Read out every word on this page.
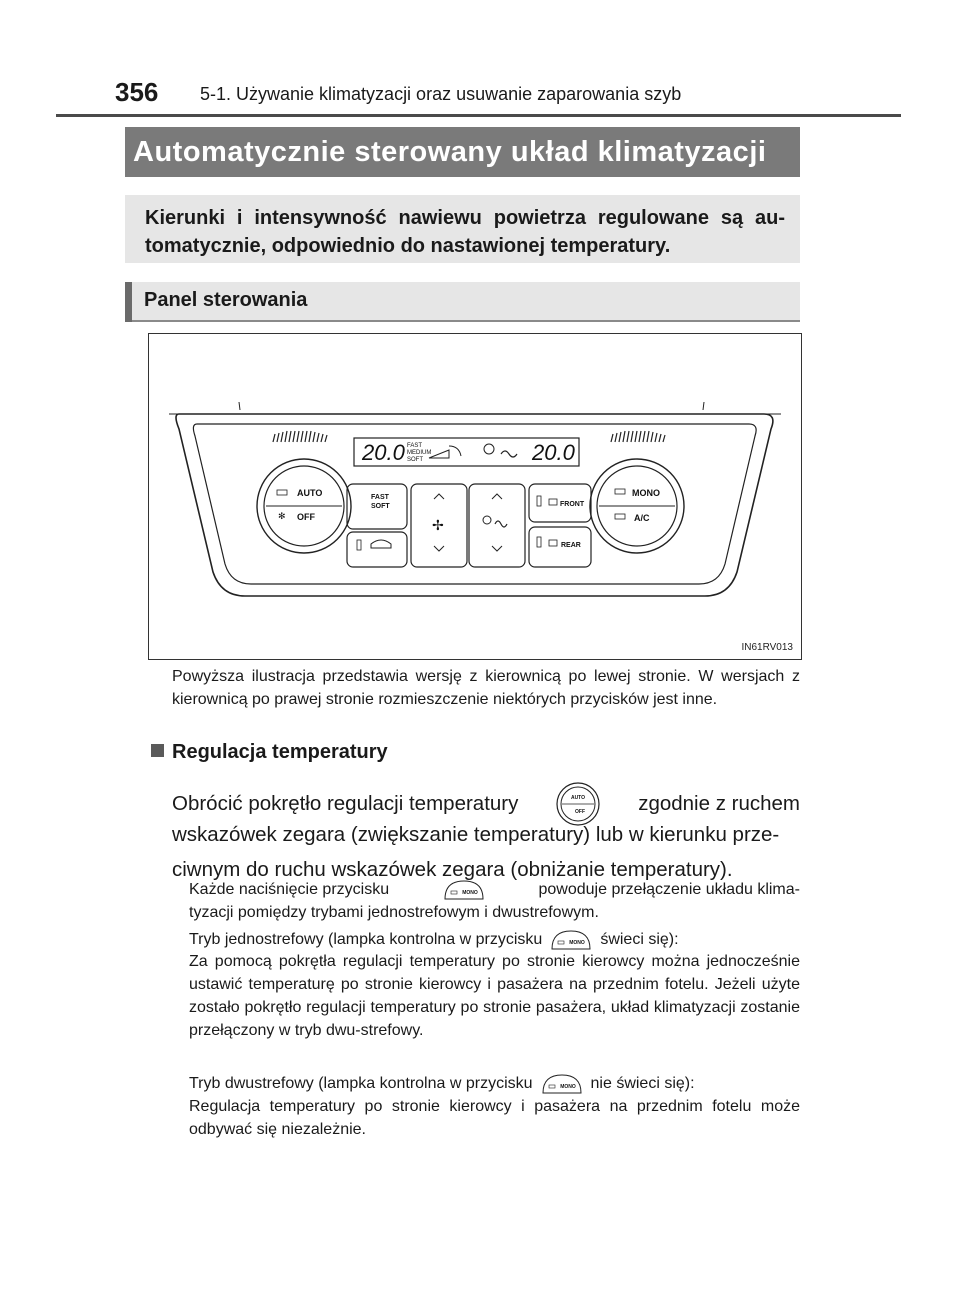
356 5-1. Używanie klimatyzacji oraz usuwanie zaparowania szyb
Automatycznie sterowany układ klimatyzacji

Kierunki i intensywność nawiewu powietrza regulowane są au-tomatycznie, odpowiednio do nastawionej temperatury.

Panel sterowania
20.0	20.0
FAST
MEDIUM
SOFT
AUTO
✻ OFF
MONO
A/C
FAST
SOFT
✢
FRONT
REAR
IN61RV013

Powyższa ilustracja przedstawia wersję z kierownicą po lewej stronie. W wersjach z kierownicą po prawej stronie rozmieszczenie niektórych przycisków jest inne.

Regulacja temperatury
Obrócić pokrętło regulacji temperatury	AUTO
OFF	zgodnie z ruchem
wskazówek zegara (zwiększanie temperatury) lub w kierunku prze-
ciwnym do ruchu wskazówek zegara (obniżanie temperatury).
Każde naciśnięcie przycisku	MONO	powoduje przełączenie układu klima-
tyzacji pomiędzy trybami jednostrefowym i dwustrefowym.
Tryb jednostrefowy (lampka kontrolna w przycisku	MONO świeci się):

Za pomocą pokrętła regulacji temperatury po stronie kierowcy można jednocześnie ustawić temperaturę po stronie kierowcy i pasażera na przednim fotelu. Jeżeli użyte zostało pokrętło regulacji temperatury po stronie pasażera, układ klimatyzacji zostanie przełączony w tryb dwu-strefowy.

Tryb dwustrefowy (lampka kontrolna w przycisku	MONO nie świeci się):

Regulacja temperatury po stronie kierowcy i pasażera na przednim fotelu może odbywać się niezależnie.
